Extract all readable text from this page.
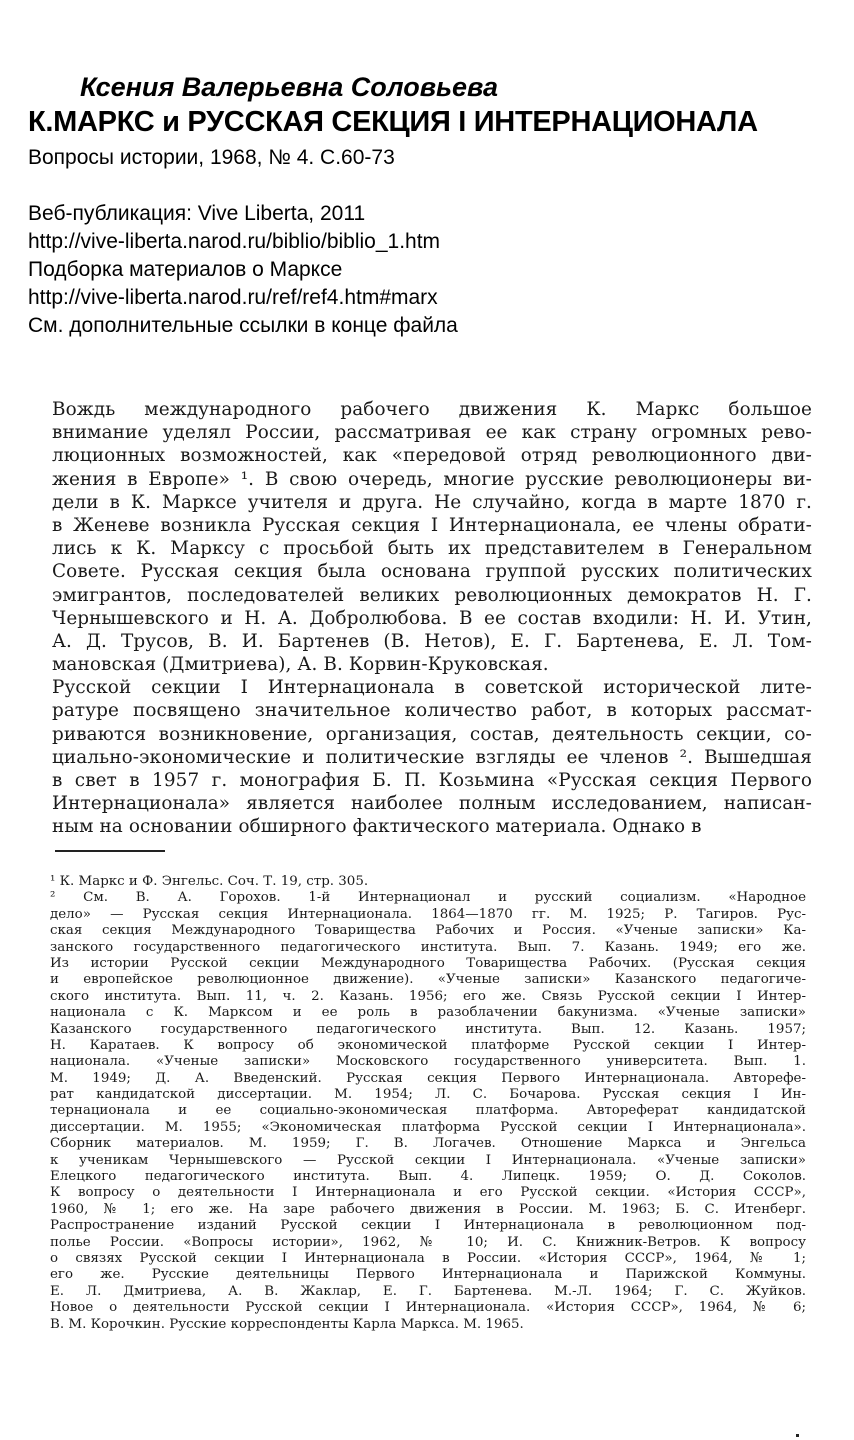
Ксения Валерьевна Соловьева
К.МАРКС и РУССКАЯ СЕКЦИЯ I ИНТЕРНАЦИОНАЛА
Вопросы истории, 1968, № 4. С.60-73
Веб-публикация: Vive Liberta, 2011
http://vive-liberta.narod.ru/biblio/biblio_1.htm
Подборка материалов о Марксе
http://vive-liberta.narod.ru/ref/ref4.htm#marx
См. дополнительные ссылки в конце файла
Вождь международного рабочего движения К. Маркс большое
внимание уделял России, рассматривая ее как страну огромных рево-
люционных возможностей, как «передовой отряд революционного дви-
жения в Европе» ¹. В свою очередь, многие русские революционеры ви-
дели в К. Марксе учителя и друга. Не случайно, когда в марте 1870 г.
в Женеве возникла Русская секция I Интернационала, ее члены обрати-
лись к К. Марксу с просьбой быть их представителем в Генеральном
Совете. Русская секция была основана группой русских политических
эмигрантов, последователей великих революционных демократов Н. Г.
Чернышевского и Н. А. Добролюбова. В ее состав входили: Н. И. Утин,
А. Д. Трусов, В. И. Бартенев (В. Нетов), Е. Г. Бартенева, Е. Л. Том-
мановская (Дмитриева), А. В. Корвин-Круковская.
Русской секции I Интернационала в советской исторической лите-
ратуре посвящено значительное количество работ, в которых рассмат-
риваются возникновение, организация, состав, деятельность секции, со-
циально-экономические и политические взгляды ее членов ². Вышедшая
в свет в 1957 г. монография Б. П. Козьмина «Русская секция Первого
Интернационала» является наиболее полным исследованием, написан-
ным на основании обширного фактического материала. Однако в
¹ К. Маркс и Ф. Энгельс. Соч. Т. 19, стр. 305.
² См. В. А. Горохов. 1-й Интернационал и русский социализм. «Народное
дело» — Русская секция Интернационала. 1864—1870 гг. М. 1925; Р. Тагиров. Рус-
ская секция Международного Товарищества Рабочих и Россия. «Ученые записки» Ка-
занского государственного педагогического института. Вып. 7. Казань. 1949; его же.
Из истории Русской секции Международного Товарищества Рабочих. (Русская секция
и европейское революционное движение). «Ученые записки» Казанского педагогиче-
ского института. Вып. 11, ч. 2. Казань. 1956; его же. Связь Русской секции I Интер-
национала с К. Марксом и ее роль в разоблачении бакунизма. «Ученые записки»
Казанского государственного педагогического института. Вып. 12. Казань. 1957;
Н. Каратаев. К вопросу об экономической платформе Русской секции I Интер-
национала. «Ученые записки» Московского государственного университета. Вып. 1.
М. 1949; Д. А. Введенский. Русская секция Первого Интернационала. Авторефе-
рат кандидатской диссертации. М. 1954; Л. С. Бочарова. Русская секция I Ин-
тернационала и ее социально-экономическая платформа. Автореферат кандидатской
диссертации. М. 1955; «Экономическая платформа Русской секции I Интернационала».
Сборник материалов. М. 1959; Г. В. Логачев. Отношение Маркса и Энгельса
к ученикам Чернышевского — Русской секции I Интернационала. «Ученые записки»
Елецкого педагогического института. Вып. 4. Липецк. 1959; О. Д. Соколов.
К вопросу о деятельности I Интернационала и его Русской секции. «История СССР»,
1960, № 1; его же. На заре рабочего движения в России. М. 1963; Б. С. Итенберг.
Распространение изданий Русской секции I Интернационала в революционном под-
полье России. «Вопросы истории», 1962, № 10; И. С. Книжник-Ветров. К вопросу
о связях Русской секции I Интернационала в России. «История СССР», 1964, № 1;
его же. Русские деятельницы Первого Интернационала и Парижской Коммуны.
Е. Л. Дмитриева, А. В. Жаклар, Е. Г. Бартенева. М.-Л. 1964; Г. С. Жуйков.
Новое о деятельности Русской секции I Интернационала. «История СССР», 1964, № 6;
В. М. Корочкин. Русские корреспонденты Карла Маркса. М. 1965.
